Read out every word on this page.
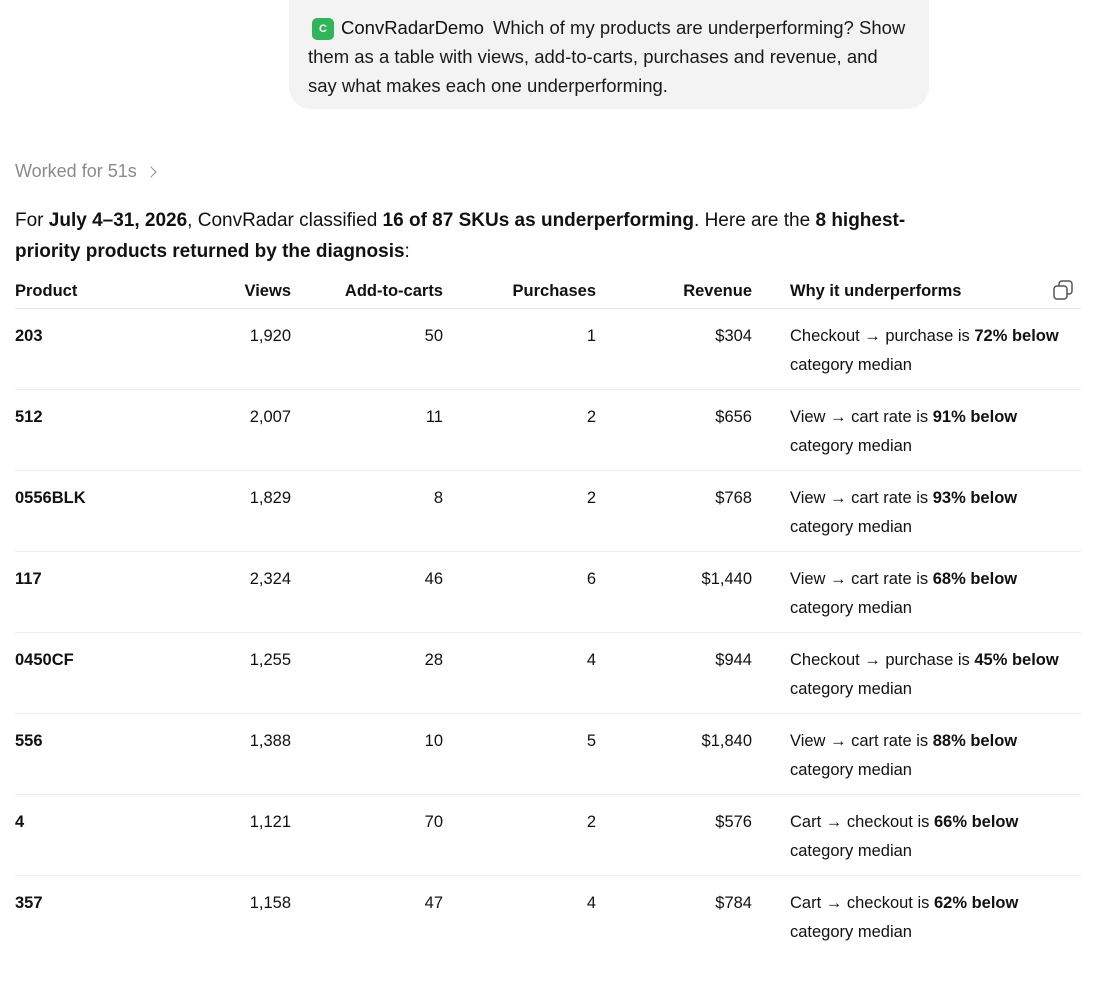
C ConvRadarDemo Which of my products are underperforming? Show them as a table with views, add-to-carts, purchases and revenue, and say what makes each one underperforming.
Worked for 51s
For July 4–31, 2026, ConvRadar classified 16 of 87 SKUs as underperforming. Here are the 8 highest-priority products returned by the diagnosis:
Product	Views	Add-to-carts	Purchases	Revenue	Why it underperforms

203	1,920	50	1	$304	Checkout → purchase is 72% below category median
512	2,007	11	2	$656	View → cart rate is 91% below category median
0556BLK	1,829	8	2	$768	View → cart rate is 93% below category median
117	2,324	46	6	$1,440	View → cart rate is 68% below category median
0450CF	1,255	28	4	$944	Checkout → purchase is 45% below category median
556	1,388	10	5	$1,840	View → cart rate is 88% below category median
4	1,121	70	2	$576	Cart → checkout is 66% below category median
357	1,158	47	4	$784	Cart → checkout is 62% below category median
